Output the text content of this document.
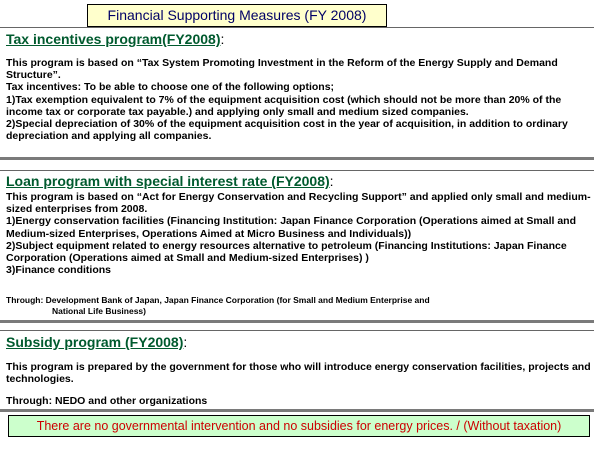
Financial Supporting Measures (FY 2008)
Tax incentives program(FY2008):

This program is based on “Tax System Promoting Investment in the Reform of the Energy Supply and Demand Structure”.

Tax incentives: To be able to choose one of the following options;

1)Tax exemption equivalent to 7% of the equipment acquisition cost (which should not be more than 20% of the income tax or corporate tax payable.) and applying only small and medium sized companies.

2)Special depreciation of 30% of the equipment acquisition cost in the year of acquisition, in addition to ordinary depreciation and applying all companies.

Loan program with special interest rate (FY2008):

This program is based on “Act for Energy Conservation and Recycling Support” and applied only small and medium-sized enterprises from 2008.

1)Energy conservation facilities (Financing Institution: Japan Finance Corporation (Operations aimed at Small and Medium-sized Enterprises, Operations Aimed at Micro Business and Individuals))

2)Subject equipment related to energy resources alternative to petroleum (Financing Institutions: Japan Finance Corporation (Operations aimed at Small and Medium-sized Enterprises) )

3)Finance conditions

Through: Development Bank of Japan, Japan Finance Corporation (for Small and Medium Enterprise and
National Life Business)
Subsidy program (FY2008):
This program is prepared by the government for those who will introduce energy conservation facilities, projects and technologies.
Through: NEDO and other organizations
There are no governmental intervention and no subsidies for energy prices. / (Without taxation)
